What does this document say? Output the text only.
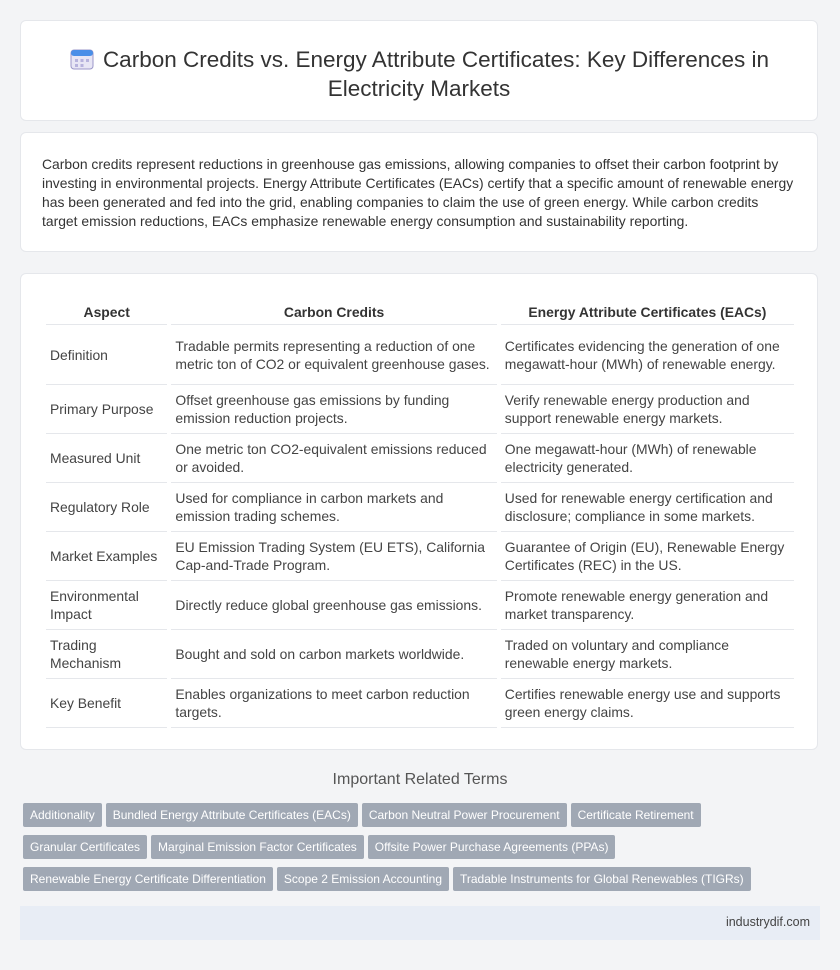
Carbon Credits vs. Energy Attribute Certificates: Key Differences in Electricity Markets
Carbon credits represent reductions in greenhouse gas emissions, allowing companies to offset their carbon footprint by investing in environmental projects. Energy Attribute Certificates (EACs) certify that a specific amount of renewable energy has been generated and fed into the grid, enabling companies to claim the use of green energy. While carbon credits target emission reductions, EACs emphasize renewable energy consumption and sustainability reporting.
Aspect	Carbon Credits	Energy Attribute Certificates (EACs)
Definition	Tradable permits representing a reduction of one metric ton of CO2 or equivalent greenhouse gases.	Certificates evidencing the generation of one megawatt-hour (MWh) of renewable energy.
Primary Purpose	Offset greenhouse gas emissions by funding emission reduction projects.	Verify renewable energy production and support renewable energy markets.
Measured Unit	One metric ton CO2-equivalent emissions reduced or avoided.	One megawatt-hour (MWh) of renewable electricity generated.
Regulatory Role	Used for compliance in carbon markets and emission trading schemes.	Used for renewable energy certification and disclosure; compliance in some markets.
Market Examples	EU Emission Trading System (EU ETS), California Cap-and-Trade Program.	Guarantee of Origin (EU), Renewable Energy Certificates (REC) in the US.
Environmental Impact	Directly reduce global greenhouse gas emissions.	Promote renewable energy generation and market transparency.
Trading Mechanism	Bought and sold on carbon markets worldwide.	Traded on voluntary and compliance renewable energy markets.
Key Benefit	Enables organizations to meet carbon reduction targets.	Certifies renewable energy use and supports green energy claims.
Important Related Terms
Additionality Bundled Energy Attribute Certificates (EACs) Carbon Neutral Power Procurement Certificate Retirement
Granular Certificates Marginal Emission Factor Certificates Offsite Power Purchase Agreements (PPAs)
Renewable Energy Certificate Differentiation Scope 2 Emission Accounting Tradable Instruments for Global Renewables (TIGRs)
industrydif.com
